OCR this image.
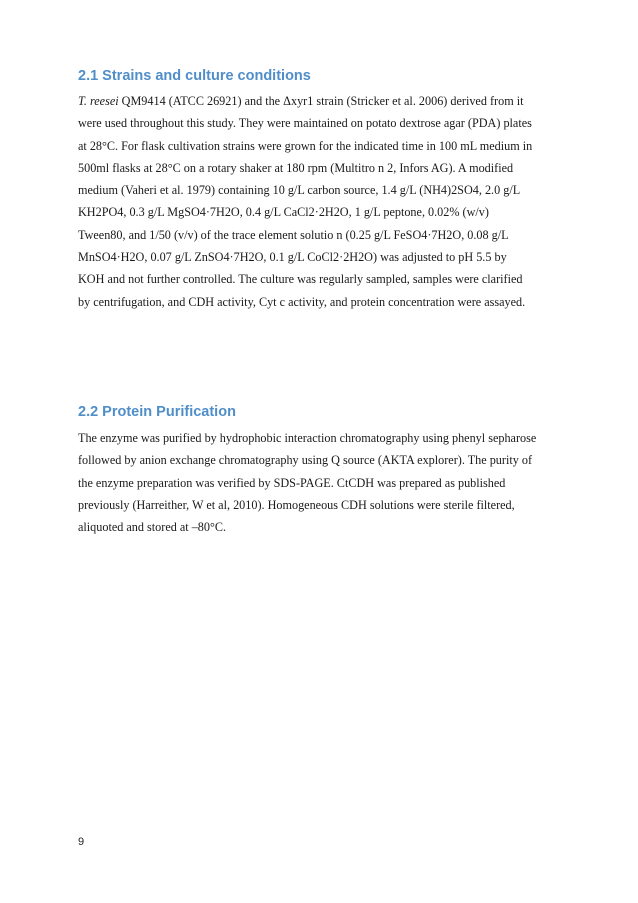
2.1 Strains and culture conditions
T. reesei QM9414 (ATCC 26921) and the Δxyr1 strain (Stricker et al. 2006) derived from it
were used throughout this study. They were maintained on potato dextrose agar (PDA) plates
at 28°C. For flask cultivation strains were grown for the indicated time in 100 mL medium in
500ml flasks at 28°C on a rotary shaker at 180 rpm (Multitro n 2, Infors AG). A modified
medium (Vaheri et al. 1979) containing 10 g/L carbon source, 1.4 g/L (NH4)2SO4, 2.0 g/L
KH2PO4, 0.3 g/L MgSO4·7H2O, 0.4 g/L CaCl2·2H2O, 1 g/L peptone, 0.02% (w/v)
Tween80, and 1/50 (v/v) of the trace element solutio n (0.25 g/L FeSO4·7H2O, 0.08 g/L
MnSO4·H2O, 0.07 g/L ZnSO4·7H2O, 0.1 g/L CoCl2·2H2O) was adjusted to pH 5.5 by
KOH and not further controlled. The culture was regularly sampled, samples were clarified
by centrifugation, and CDH activity, Cyt c activity, and protein concentration were assayed.
2.2 Protein Purification
The enzyme was purified by hydrophobic interaction chromatography using phenyl sepharose
followed by anion exchange chromatography using Q source (AKTA explorer). The purity of
the enzyme preparation was verified by SDS-PAGE. CtCDH was prepared as published
previously (Harreither, W et al, 2010). Homogeneous CDH solutions were sterile filtered,
aliquoted and stored at –80°C.
9
